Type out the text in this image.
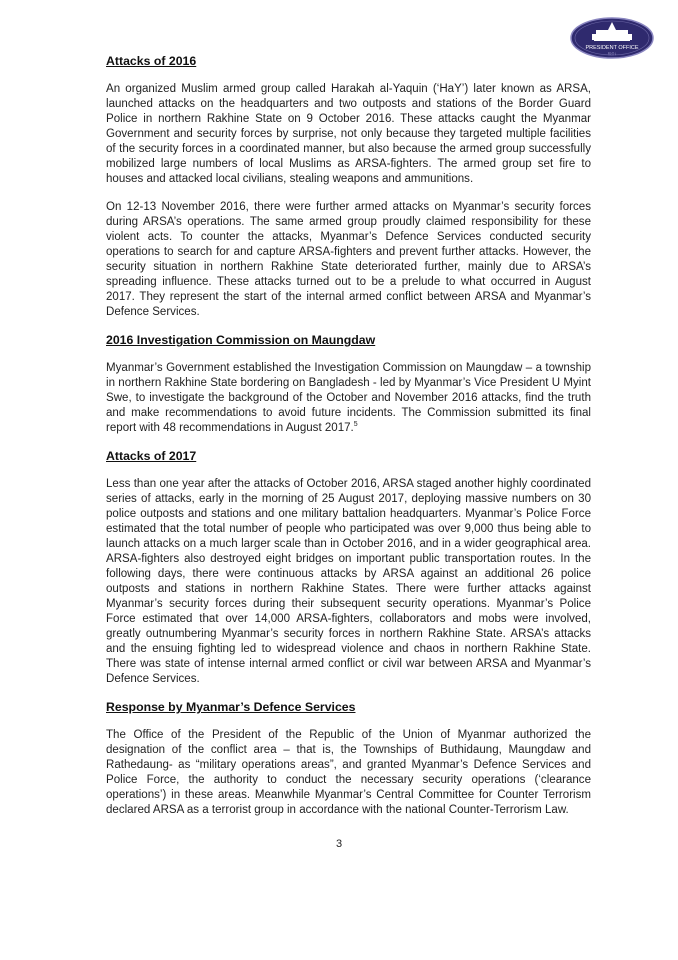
PRESIDENT OFFICE
ᛗᚱᛖᚾ
Attacks of 2016

An organized Muslim armed group called Harakah al-Yaquin (‘HaY’) later known as ARSA, launched attacks on the headquarters and two outposts and stations of the Border Guard Police in northern Rakhine State on 9 October 2016. These attacks caught the Myanmar Government and security forces by surprise, not only because they targeted multiple facilities of the security forces in a coordinated manner, but also because the armed group successfully mobilized large numbers of local Muslims as ARSA-fighters. The armed group set fire to houses and attacked local civilians, stealing weapons and ammunitions.

On 12-13 November 2016, there were further armed attacks on Myanmar’s security forces during ARSA’s operations. The same armed group proudly claimed responsibility for these violent acts. To counter the attacks, Myanmar’s Defence Services conducted security operations to search for and capture ARSA-fighters and prevent further attacks. However, the security situation in northern Rakhine State deteriorated further, mainly due to ARSA’s spreading influence. These attacks turned out to be a prelude to what occurred in August 2017. They represent the start of the internal armed conflict between ARSA and Myanmar’s Defence Services.

2016 Investigation Commission on Maungdaw

Myanmar’s Government established the Investigation Commission on Maungdaw – a township in northern Rakhine State bordering on Bangladesh - led by Myanmar’s Vice President U Myint Swe, to investigate the background of the October and November 2016 attacks, find the truth and make recommendations to avoid future incidents. The Commission submitted its final report with 48 recommendations in August 2017.$^5$

Attacks of 2017

Less than one year after the attacks of October 2016, ARSA staged another highly coordinated series of attacks, early in the morning of 25 August 2017, deploying massive numbers on 30 police outposts and stations and one military battalion headquarters. Myanmar’s Police Force estimated that the total number of people who participated was over 9,000 thus being able to launch attacks on a much larger scale than in October 2016, and in a wider geographical area. ARSA-fighters also destroyed eight bridges on important public transportation routes. In the following days, there were continuous attacks by ARSA against an additional 26 police outposts and stations in northern Rakhine States. There were further attacks against Myanmar’s security forces during their subsequent security operations. Myanmar’s Police Force estimated that over 14,000 ARSA-fighters, collaborators and mobs were involved, greatly outnumbering Myanmar’s security forces in northern Rakhine State. ARSA’s attacks and the ensuing fighting led to widespread violence and chaos in northern Rakhine State. There was state of intense internal armed conflict or civil war between ARSA and Myanmar’s Defence Services.

Response by Myanmar’s Defence Services

The Office of the President of the Republic of the Union of Myanmar authorized the designation of the conflict area – that is, the Townships of Buthidaung, Maungdaw and Rathedaung- as “military operations areas”, and granted Myanmar’s Defence Services and Police Force, the authority to conduct the necessary security operations (‘clearance operations’) in these areas. Meanwhile Myanmar’s Central Committee for Counter Terrorism declared ARSA as a terrorist group in accordance with the national Counter-Terrorism Law.

3
